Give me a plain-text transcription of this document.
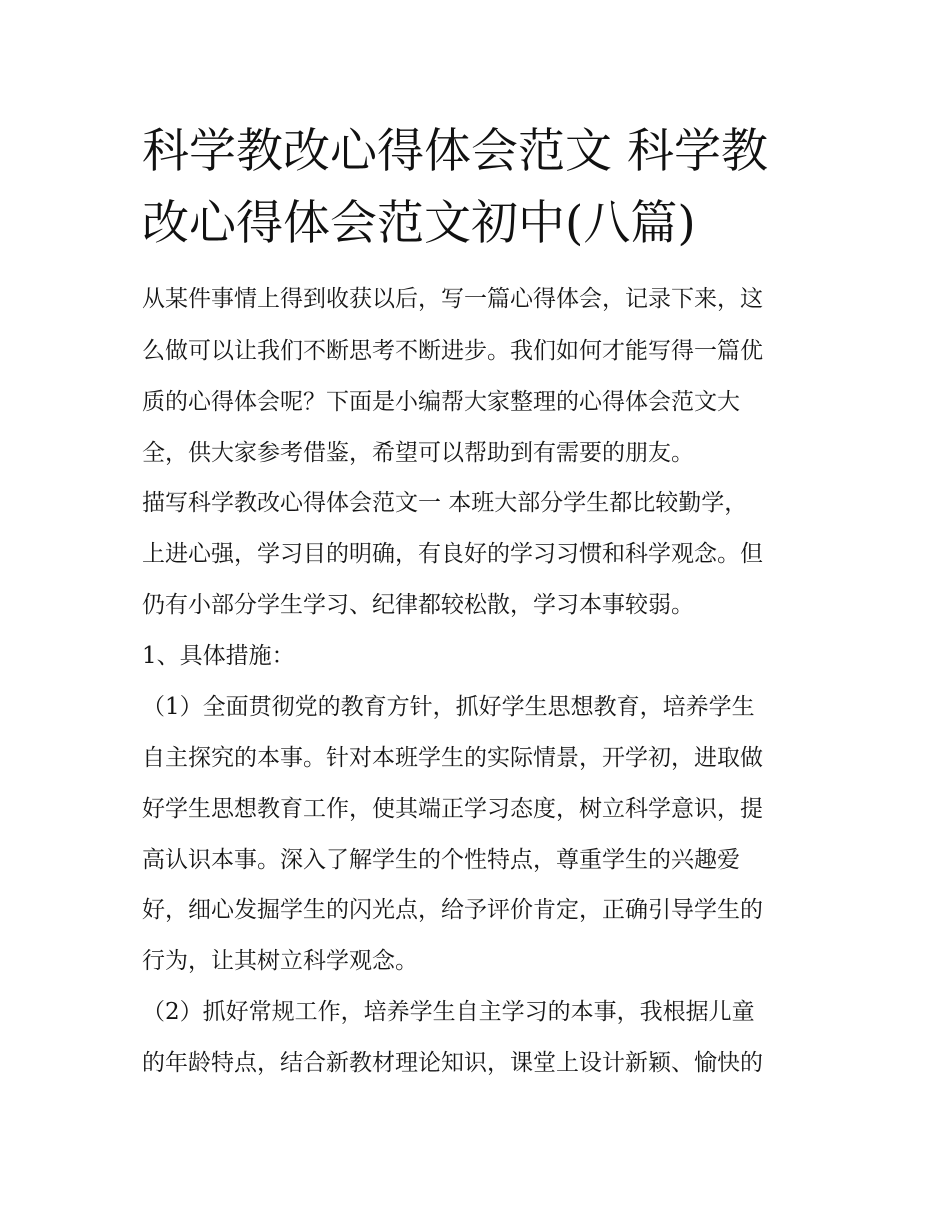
科学教改心得体会范文 科学教
改心得体会范文初中(八篇)

从某件事情上得到收获以后，写一篇心得体会，记录下来，这

么做可以让我们不断思考不断进步。我们如何才能写得一篇优

质的心得体会呢？下面是小编帮大家整理的心得体会范文大

全，供大家参考借鉴，希望可以帮助到有需要的朋友。

描写科学教改心得体会范文一 本班大部分学生都比较勤学，

上进心强，学习目的明确，有良好的学习习惯和科学观念。但

仍有小部分学生学习、纪律都较松散，学习本事较弱。

1、具体措施：

（1）全面贯彻党的教育方针，抓好学生思想教育，培养学生

自主探究的本事。针对本班学生的实际情景，开学初，进取做

好学生思想教育工作，使其端正学习态度，树立科学意识，提

高认识本事。深入了解学生的个性特点，尊重学生的兴趣爱

好，细心发掘学生的闪光点，给予评价肯定，正确引导学生的

行为，让其树立科学观念。

（2）抓好常规工作，培养学生自主学习的本事，我根据儿童

的年龄特点，结合新教材理论知识，课堂上设计新颖、愉快的
